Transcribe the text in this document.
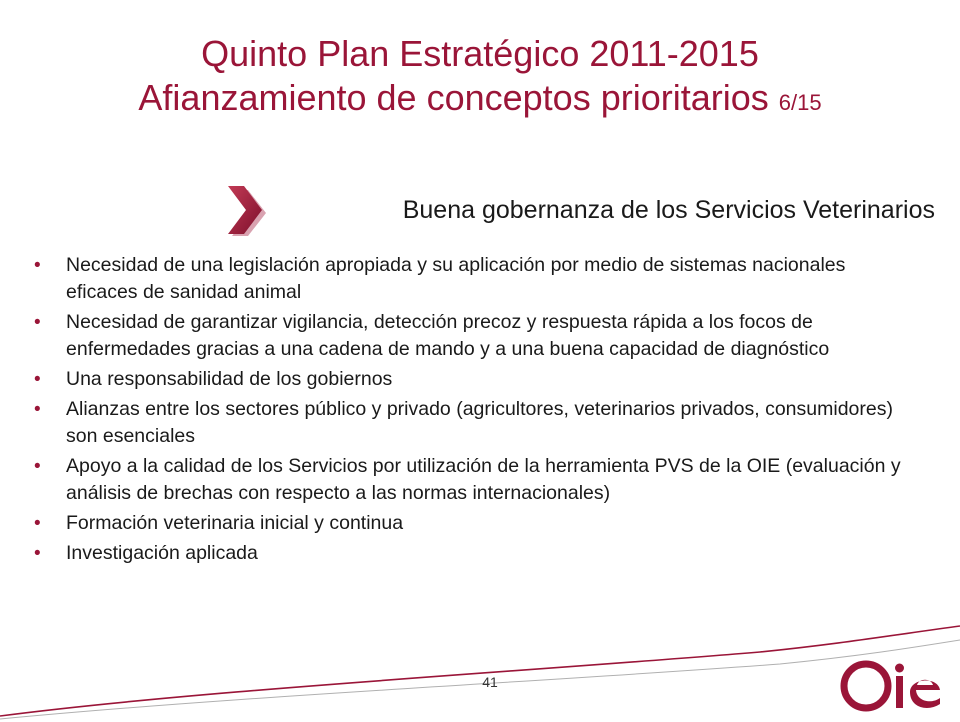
Quinto Plan Estratégico 2011-2015
Afianzamiento de conceptos prioritarios 6/15
Buena gobernanza de los Servicios Veterinarios
• Necesidad de una legislación apropiada y su aplicación por medio de sistemas nacionales eficaces de sanidad animal
• Necesidad de garantizar vigilancia, detección precoz y respuesta rápida a los focos de enfermedades gracias a una cadena de mando y a una buena capacidad de diagnóstico
• Una responsabilidad de los gobiernos
• Alianzas entre los sectores público y privado (agricultores, veterinarios privados, consumidores) son esenciales
• Apoyo a la calidad de los Servicios por utilización de la herramienta PVS de la OIE (evaluación y análisis de brechas con respecto a las normas internacionales)
• Formación veterinaria inicial y continua
• Investigación aplicada
41
